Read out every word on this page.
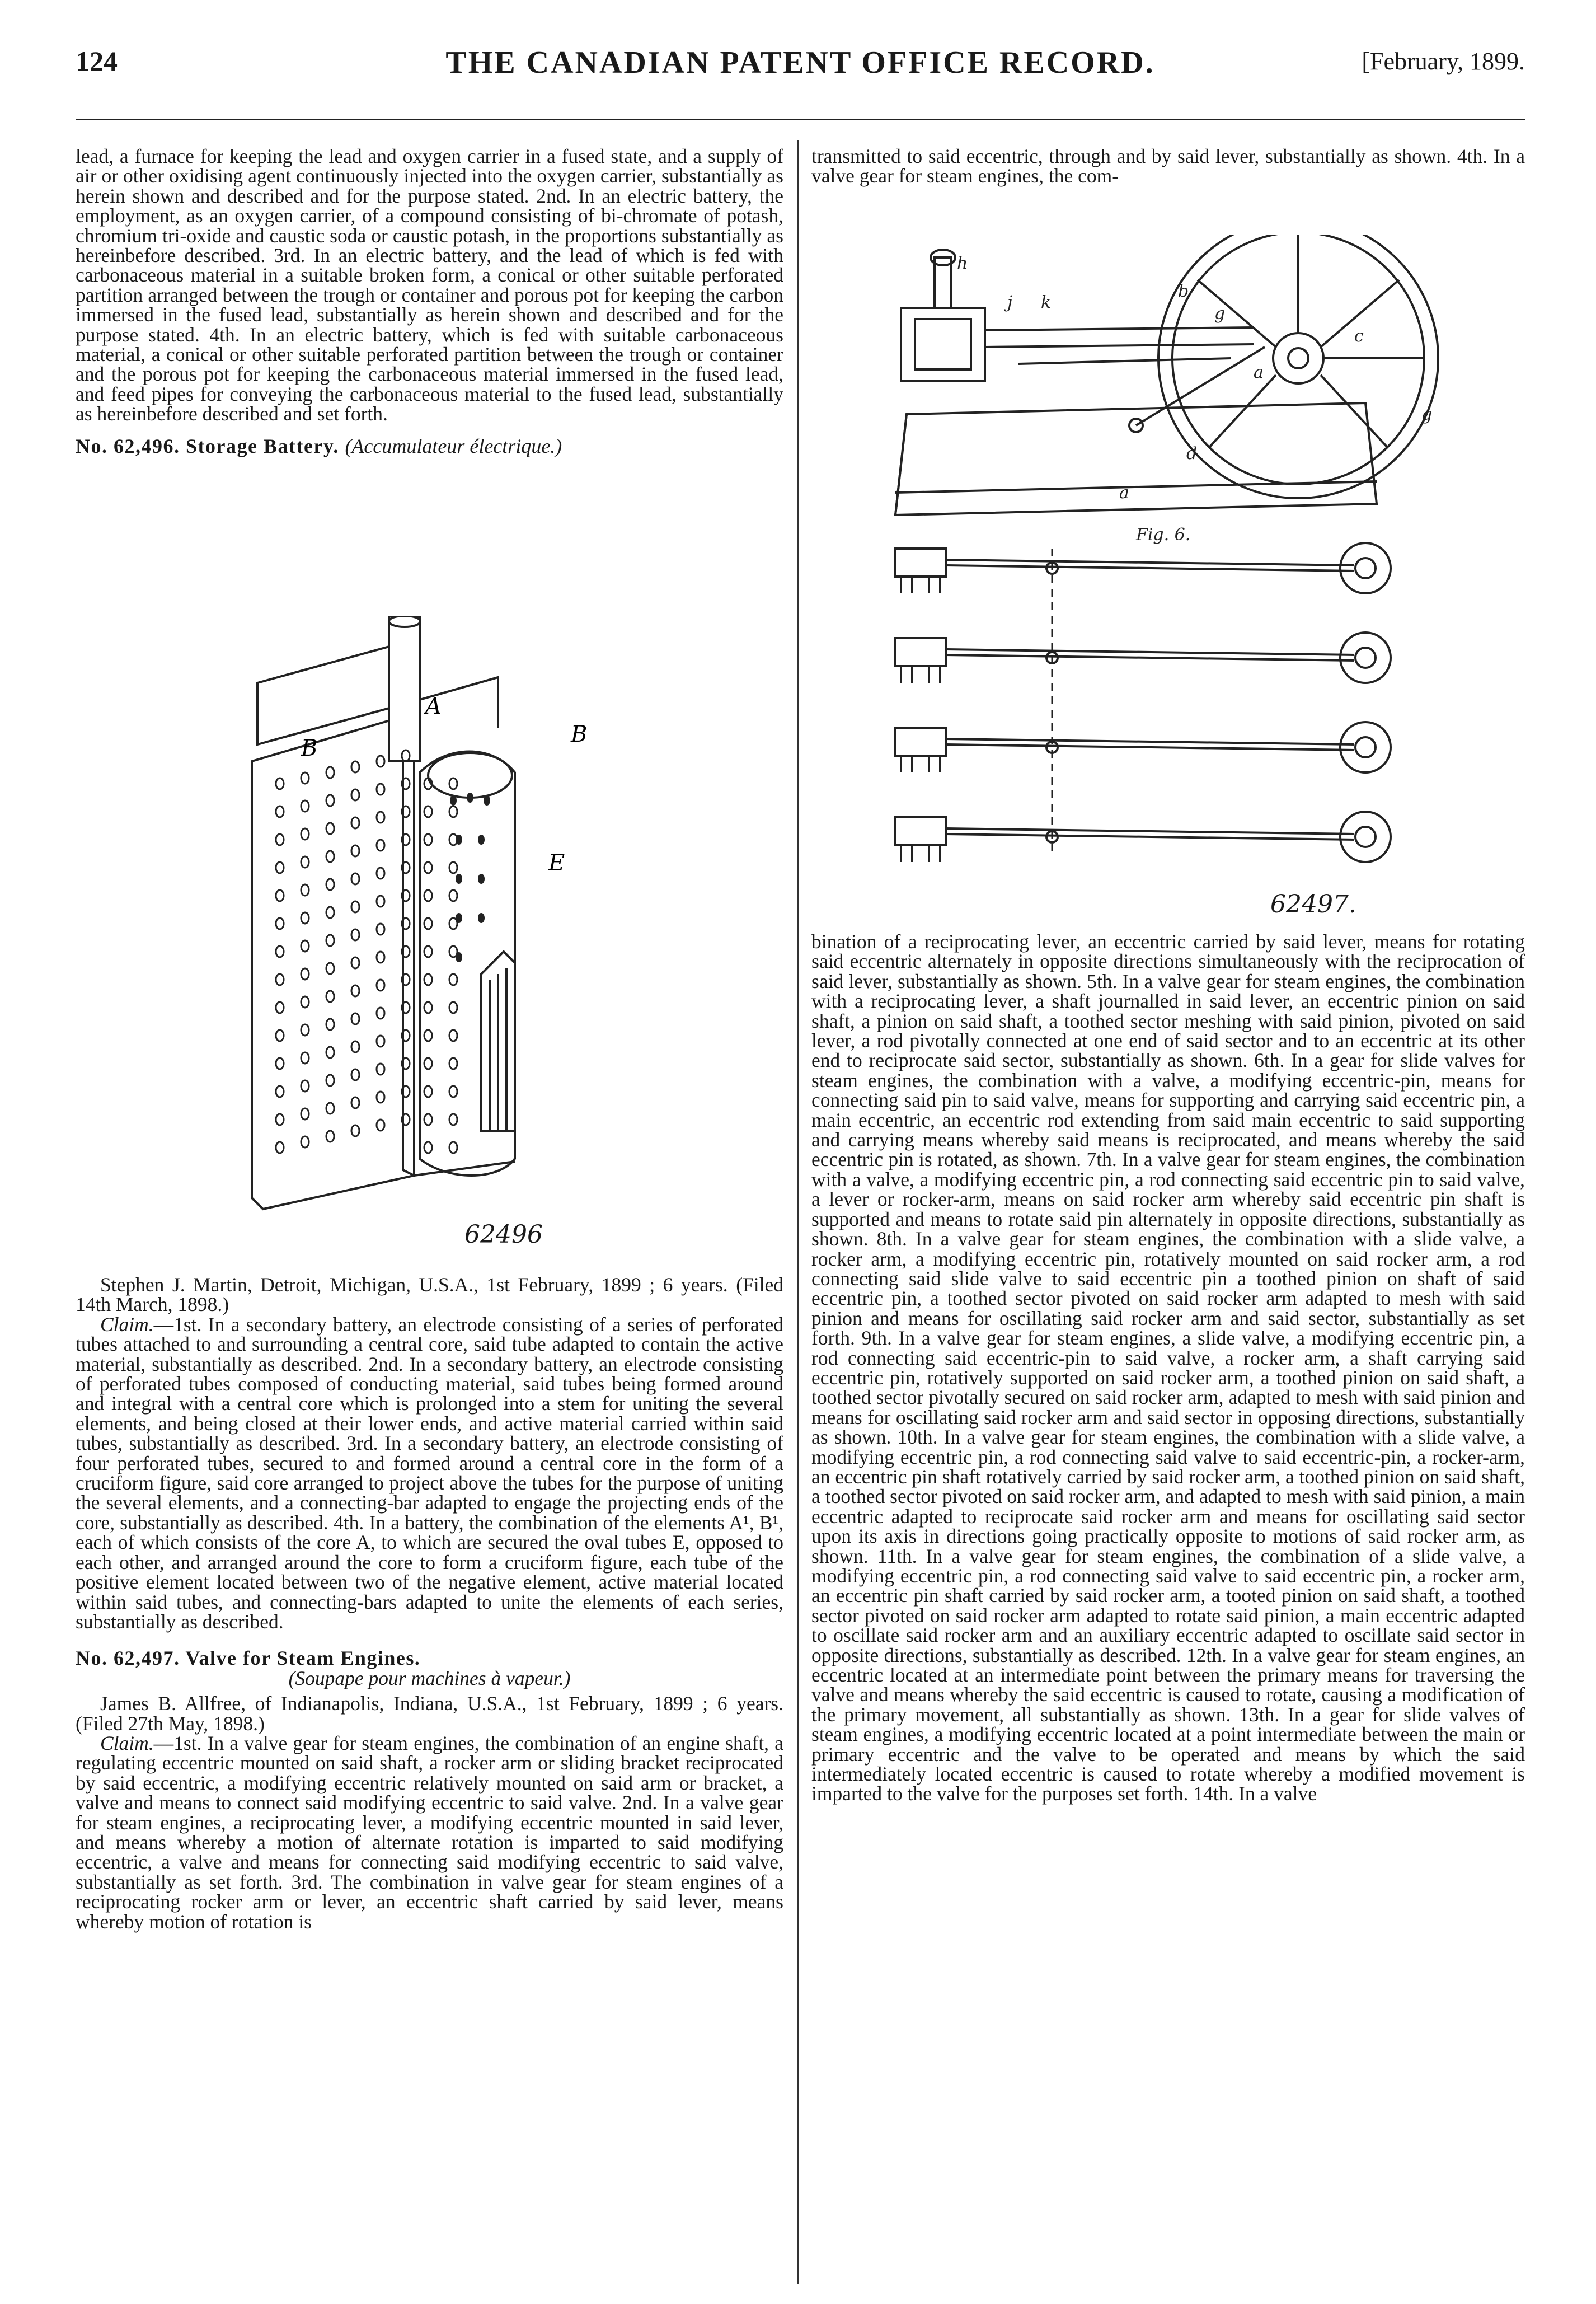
124	THE CANADIAN PATENT OFFICE RECORD.	[February, 1899.

lead, a furnace for keeping the lead and oxygen carrier in a fused state, and a supply of air or other oxidising agent continuously injected into the oxygen carrier, substantially as herein shown and described and for the purpose stated. 2nd. In an electric battery, the employment, as an oxygen carrier, of a compound consisting of bi-chromate of potash, chromium tri-oxide and caustic soda or caustic potash, in the proportions substantially as hereinbefore described. 3rd. In an electric battery, and the lead of which is fed with carbonaceous material in a suitable broken form, a conical or other suitable perforated partition arranged between the trough or container and porous pot for keeping the carbon immersed in the fused lead, substantially as herein shown and described and for the purpose stated. 4th. In an electric battery, which is fed with suitable carbonaceous material, a conical or other suitable perforated partition between the trough or container and the porous pot for keeping the carbonaceous material immersed in the fused lead, and feed pipes for conveying the carbonaceous material to the fused lead, substantially as hereinbefore described and set forth.

No. 62,496. Storage Battery. (Accumulateur électrique.)

B
A
B
E
62496

Stephen J. Martin, Detroit, Michigan, U.S.A., 1st February, 1899 ; 6 years. (Filed 14th March, 1898.)

Claim.—1st. In a secondary battery, an electrode consisting of a series of perforated tubes attached to and surrounding a central core, said tube adapted to contain the active material, substantially as described. 2nd. In a secondary battery, an electrode consisting of perforated tubes composed of conducting material, said tubes being formed around and integral with a central core which is prolonged into a stem for uniting the several elements, and being closed at their lower ends, and active material carried within said tubes, substantially as described. 3rd. In a secondary battery, an electrode consisting of four perforated tubes, secured to and formed around a central core in the form of a cruciform figure, said core arranged to project above the tubes for the purpose of uniting the several elements, and a connecting-bar adapted to engage the projecting ends of the core, substantially as described. 4th. In a battery, the combination of the elements A¹, B¹, each of which consists of the core A, to which are secured the oval tubes E, opposed to each other, and arranged around the core to form a cruciform figure, each tube of the positive element located between two of the negative element, active material located within said tubes, and connecting-bars adapted to unite the elements of each series, substantially as described.

No. 62,497. Valve for Steam Engines.

(Soupape pour machines à vapeur.)

James B. Allfree, of Indianapolis, Indiana, U.S.A., 1st February, 1899 ; 6 years. (Filed 27th May, 1898.)

Claim.—1st. In a valve gear for steam engines, the combination of an engine shaft, a regulating eccentric mounted on said shaft, a rocker arm or sliding bracket reciprocated by said eccentric, a modifying eccentric relatively mounted on said arm or bracket, a valve and means to connect said modifying eccentric to said valve. 2nd. In a valve gear for steam engines, a reciprocating lever, a modifying eccentric mounted in said lever, and means whereby a motion of alternate rotation is imparted to said modifying eccentric, a valve and means for connecting said modifying eccentric to said valve, substantially as set forth. 3rd. The combination in valve gear for steam engines of a reciprocating rocker arm or lever, an eccentric shaft carried by said lever, means whereby motion of rotation is

transmitted to said eccentric, through and by said lever, substantially as shown. 4th. In a valve gear for steam engines, the com-

h
j k
b
g
c
a
g
d
a
Fig. 6.
62497.

bination of a reciprocating lever, an eccentric carried by said lever, means for rotating said eccentric alternately in opposite directions simultaneously with the reciprocation of said lever, substantially as shown. 5th. In a valve gear for steam engines, the combination with a reciprocating lever, a shaft journalled in said lever, an eccentric pinion on said shaft, a pinion on said shaft, a toothed sector meshing with said pinion, pivoted on said lever, a rod pivotally connected at one end of said sector and to an eccentric at its other end to reciprocate said sector, substantially as shown. 6th. In a gear for slide valves for steam engines, the combination with a valve, a modifying eccentric-pin, means for connecting said pin to said valve, means for supporting and carrying said eccentric pin, a main eccentric, an eccentric rod extending from said main eccentric to said supporting and carrying means whereby said means is reciprocated, and means whereby the said eccentric pin is rotated, as shown. 7th. In a valve gear for steam engines, the combination with a valve, a modifying eccentric pin, a rod connecting said eccentric pin to said valve, a lever or rocker-arm, means on said rocker arm whereby said eccentric pin shaft is supported and means to rotate said pin alternately in opposite directions, substantially as shown. 8th. In a valve gear for steam engines, the combination with a slide valve, a rocker arm, a modifying eccentric pin, rotatively mounted on said rocker arm, a rod connecting said slide valve to said eccentric pin a toothed pinion on shaft of said eccentric pin, a toothed sector pivoted on said rocker arm adapted to mesh with said pinion and means for oscillating said rocker arm and said sector, substantially as set forth. 9th. In a valve gear for steam engines, a slide valve, a modifying eccentric pin, a rod connecting said eccentric-pin to said valve, a rocker arm, a shaft carrying said eccentric pin, rotatively supported on said rocker arm, a toothed pinion on said shaft, a toothed sector pivotally secured on said rocker arm, adapted to mesh with said pinion and means for oscillating said rocker arm and said sector in opposing directions, substantially as shown. 10th. In a valve gear for steam engines, the combination with a slide valve, a modifying eccentric pin, a rod connecting said valve to said eccentric-pin, a rocker-arm, an eccentric pin shaft rotatively carried by said rocker arm, a toothed pinion on said shaft, a toothed sector pivoted on said rocker arm, and adapted to mesh with said pinion, a main eccentric adapted to reciprocate said rocker arm and means for oscillating said sector upon its axis in directions going practically opposite to motions of said rocker arm, as shown. 11th. In a valve gear for steam engines, the combination of a slide valve, a modifying eccentric pin, a rod connecting said valve to said eccentric pin, a rocker arm, an eccentric pin shaft carried by said rocker arm, a tooted pinion on said shaft, a toothed sector pivoted on said rocker arm adapted to rotate said pinion, a main eccentric adapted to oscillate said rocker arm and an auxiliary eccentric adapted to oscillate said sector in opposite directions, substantially as described. 12th. In a valve gear for steam engines, an eccentric located at an intermediate point between the primary means for traversing the valve and means whereby the said eccentric is caused to rotate, causing a modification of the primary movement, all substantially as shown. 13th. In a gear for slide valves of steam engines, a modifying eccentric located at a point intermediate between the main or primary eccentric and the valve to be operated and means by which the said intermediately located eccentric is caused to rotate whereby a modified movement is imparted to the valve for the purposes set forth. 14th. In a valve
